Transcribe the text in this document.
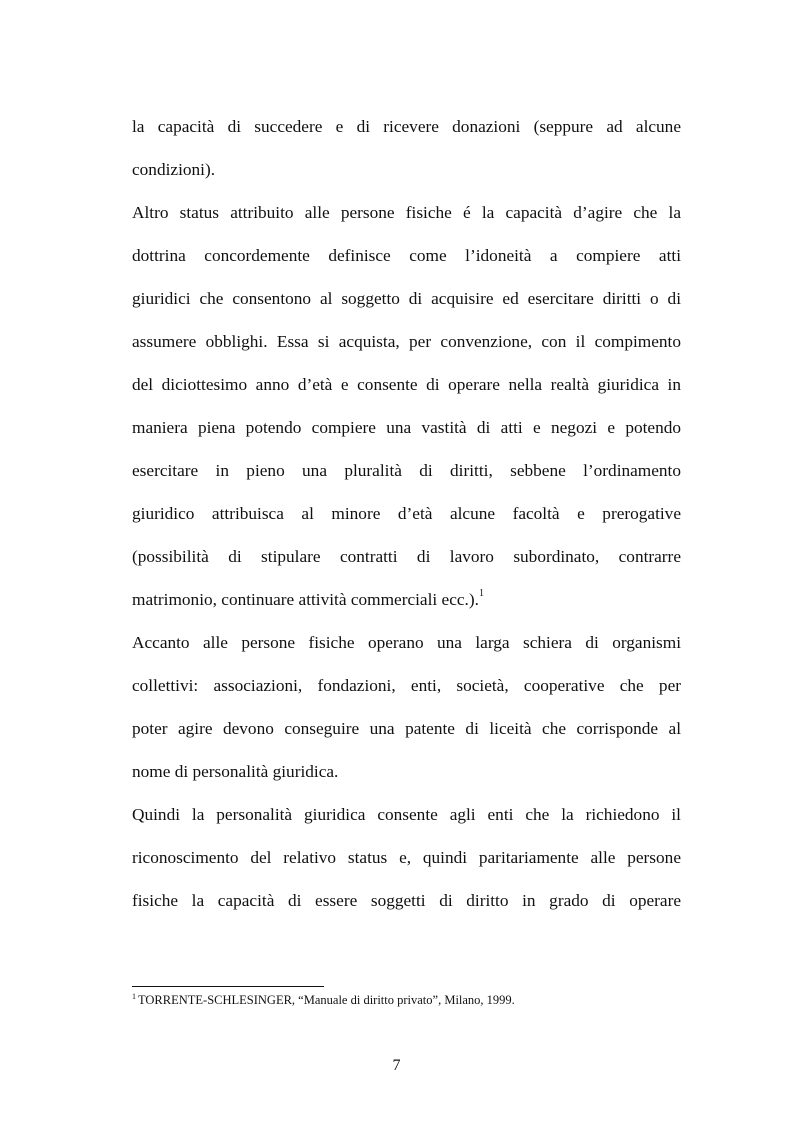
la capacità di succedere e di ricevere donazioni (seppure ad alcune
condizioni).
Altro status attribuito alle persone fisiche é la capacità d’agire che la
dottrina concordemente definisce come l’idoneità a compiere atti
giuridici che consentono al soggetto di acquisire ed esercitare diritti o di
assumere obblighi. Essa si acquista, per convenzione, con il compimento
del diciottesimo anno d’età e consente di operare nella realtà giuridica in
maniera piena potendo compiere una vastità di atti e negozi e potendo
esercitare in pieno una pluralità di diritti, sebbene l’ordinamento
giuridico attribuisca al minore d’età alcune facoltà e prerogative
(possibilità di stipulare contratti di lavoro subordinato, contrarre
matrimonio, continuare attività commerciali ecc.).$^1$
Accanto alle persone fisiche operano una larga schiera di organismi
collettivi: associazioni, fondazioni, enti, società, cooperative che per
poter agire devono conseguire una patente di liceità che corrisponde al
nome di personalità giuridica.
Quindi la personalità giuridica consente agli enti che la richiedono il
riconoscimento del relativo status e, quindi paritariamente alle persone
fisiche la capacità di essere soggetti di diritto in grado di operare
$^1$ TORRENTE-SCHLESINGER, “Manuale di diritto privato”, Milano, 1999.
7
